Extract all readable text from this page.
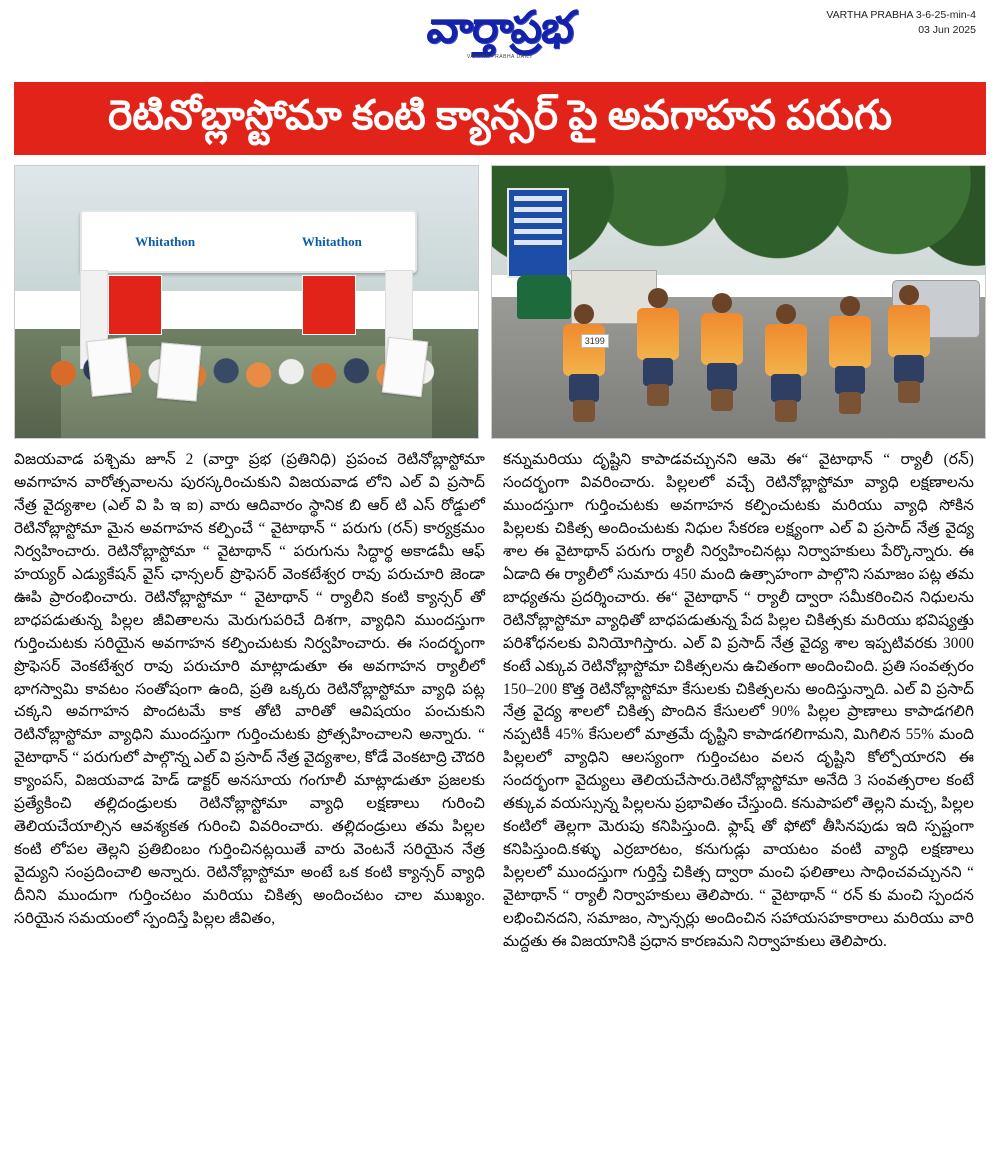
వార్తాప్రభ
VARTHA PRABHA DAILY
VARTHA PRABHA 3-6-25-min-4
03 Jun 2025
రెటినోబ్లాస్టోమా కంటి క్యాన్సర్ పై అవగాహన పరుగు
Whitathon	Whitathon
3199

విజయవాడ పశ్చిమ జూన్ 2 (వార్తా ప్రభ (ప్రతినిధి) ప్రపంచ రెటినోబ్లాస్టోమా అవగాహన వారోత్సవాలను పురస్కరించుకుని విజయవాడ లోని ఎల్ వి ప్రసాద్ నేత్ర వైద్యశాల (ఎల్ వి పి ఇ ఐ) వారు ఆదివారం స్థానిక బి ఆర్ టి ఎస్ రోడ్డులో రెటినోబ్లాస్టోమా మైన అవగాహన కల్పించే “ వైటాథాన్ “ పరుగు (రన్) కార్యక్రమం నిర్వహించారు. రెటినోబ్లాస్టోమా “ వైటాథాన్ “ పరుగును సిద్ధార్థ అకాడమీ ఆఫ్ హయ్యర్ ఎడ్యుకేషన్ వైస్ ఛాన్సలర్ ప్రొఫెసర్ వెంకటేశ్వర రావు పరుచూరి జెండా ఊపి ప్రారంభించారు. రెటినోబ్లాస్టోమా “ వైటాథాన్ “ ర్యాలీని కంటి క్యాన్సర్ తో బాధపడుతున్న పిల్లల జీవితాలను మెరుగుపరిచే దిశగా, వ్యాధిని ముందస్తుగా గుర్తించుటకు సరియైన అవగాహన కల్పించుటకు నిర్వహించారు. ఈ సందర్భంగా ప్రొఫెసర్ వెంకటేశ్వర రావు పరుచూరి మాట్లాడుతూ ఈ అవగాహన ర్యాలీలో భాగస్వామి కావటం సంతోషంగా ఉంది, ప్రతి ఒక్కరు రెటినోబ్లాస్టోమా వ్యాధి పట్ల చక్కని అవగాహన పొందటమే కాక తోటి వారితో ఆవిషయం పంచుకుని రెటినోబ్లాస్టోమా వ్యాధిని ముందస్తుగా గుర్తించుటకు ప్రోత్సహించాలని అన్నారు. “ వైటాథాన్ “ పరుగులో పాల్గొన్న ఎల్ వి ప్రసాద్ నేత్ర వైద్యశాల, కోడే వెంకటాద్రి చౌదరి క్యాంపస్, విజయవాడ హెడ్ డాక్టర్ అనసూయ గంగూలీ మాట్లాడుతూ ప్రజలకు ప్రత్యేకించి తల్లిదండ్రులకు రెటినోబ్లాస్టోమా వ్యాధి లక్షణాలు గురించి తెలియచేయాల్సిన ఆవశ్యకత గురించి వివరించారు. తల్లిదండ్రులు తమ పిల్లల కంటి లోపల తెల్లని ప్రతిబింబం గుర్తించినట్లయితే వారు వెంటనే సరియైన నేత్ర వైద్యుని సంప్రదించాలి అన్నారు. రెటినోబ్లాస్టోమా అంటే ఒక కంటి క్యాన్సర్ వ్యాధి దీనిని ముందుగా గుర్తించటం మరియు చికిత్స అందించటం చాల ముఖ్యం. సరియైన సమయంలో స్పందిస్తే పిల్లల జీవితం,

కన్నుమరియు దృష్టిని కాపాడవచ్చునని ఆమె ఈ“ వైటాథాన్ “ ర్యాలీ (రన్) సందర్భంగా వివరించారు. పిల్లలలో వచ్చే రెటినోబ్లాస్టోమా వ్యాధి లక్షణాలను ముందస్తుగా గుర్తించుటకు అవగాహన కల్పించుటకు మరియు వ్యాధి సోకిన పిల్లలకు చికిత్స అందించుటకు నిధుల సేకరణ లక్ష్యంగా ఎల్ వి ప్రసాద్ నేత్ర వైద్య శాల ఈ వైటాథాన్ పరుగు ర్యాలీ నిర్వహించినట్లు నిర్వాహకులు పేర్కొన్నారు. ఈ ఏడాది ఈ ర్యాలీలో సుమారు 450 మంది ఉత్సాహంగా పాల్గొని సమాజం పట్ల తమ బాధ్యతను ప్రదర్శించారు. ఈ“ వైటాథాన్ “ ర్యాలీ ద్వారా సమీకరించిన నిధులను రెటినోబ్లాస్టోమా వ్యాధితో బాధపడుతున్న పేద పిల్లల చికిత్సకు మరియు భవిష్యత్తు పరిశోధనలకు వినియోగిస్తారు. ఎల్ వి ప్రసాద్ నేత్ర వైద్య శాల ఇప్పటివరకు 3000 కంటే ఎక్కువ రెటినోబ్లాస్టోమా చికిత్సలను ఉచితంగా అందించింది. ప్రతి సంవత్సరం 150–200 కొత్త రెటినోబ్లాస్టోమా కేసులకు చికిత్సలను అందిస్తున్నాది. ఎల్ వి ప్రసాద్ నేత్ర వైద్య శాలలో చికిత్స పొందిన కేసులలో 90% పిల్లల ప్రాణాలు కాపాడగలిగి నప్పటికీ 45% కేసులలో మాత్రమే దృష్టిని కాపాడగలిగామని, మిగిలిన 55% మంది పిల్లలలో వ్యాధిని ఆలస్యంగా గుర్తించటం వలన దృష్టిని కోల్పోయారని ఈ సందర్భంగా వైద్యులు తెలియచేసారు.రెటినోబ్లాస్టోమా అనేది 3 సంవత్సరాల కంటే తక్కువ వయస్సున్న పిల్లలను ప్రభావితం చేస్తుంది. కనుపాపలో తెల్లని మచ్చ, పిల్లల కంటిలో తెల్లగా మెరుపు కనిపిస్తుంది. ఫ్లాష్ తో ఫోటో తీసినపుడు ఇది స్పష్టంగా కనిపిస్తుంది.కళ్ళు ఎర్రబారటం, కనుగుడ్లు వాయటం వంటి వ్యాధి లక్షణాలు పిల్లలలో ముందస్తుగా గుర్తిస్తే చికిత్స ద్వారా మంచి ఫలితాలు సాధించవచ్చునని “ వైటాథాన్ “ ర్యాలీ నిర్వాహకులు తెలిపారు. “ వైటాథాన్ “ రన్ కు మంచి స్పందన లభించినదని, సమాజం, స్పాన్సర్లు అందించిన సహాయసహకారాలు మరియు వారి మద్దతు ఈ విజయానికి ప్రధాన కారణమని నిర్వాహకులు తెలిపారు.
